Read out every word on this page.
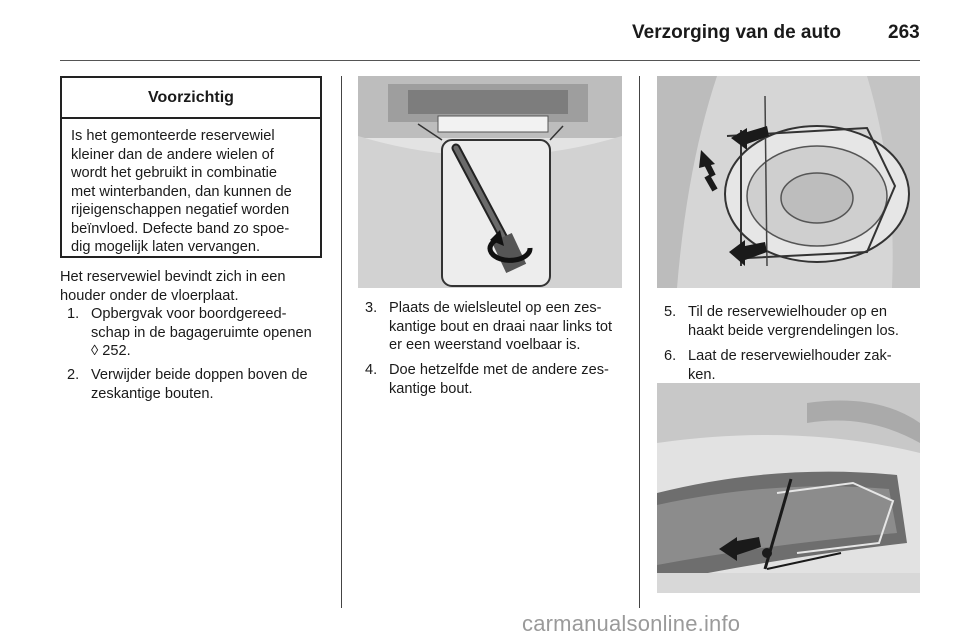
Verzorging van de auto 263
Voorzichtig
Is het gemonteerde reservewiel
kleiner dan de andere wielen of
wordt het gebruikt in combinatie
met winterbanden, dan kunnen de
rijeigenschappen negatief worden
beïnvloed. Defecte band zo spoe-
dig mogelijk laten vervangen.
Het reservewiel bevindt zich in een
houder onder de vloerplaat.
1. Opbergvak voor boordgereed-
schap in de bagageruimte openen
◊ 252.
2. Verwijder beide doppen boven de
zeskantige bouten.
3. Plaats de wielsleutel op een zes-
kantige bout en draai naar links tot
er een weerstand voelbaar is.
4. Doe hetzelfde met de andere zes-
kantige bout.
5. Til de reservewielhouder op en
haakt beide vergrendelingen los.
6. Laat de reservewielhouder zak-
ken.
carmanualsonline.info
